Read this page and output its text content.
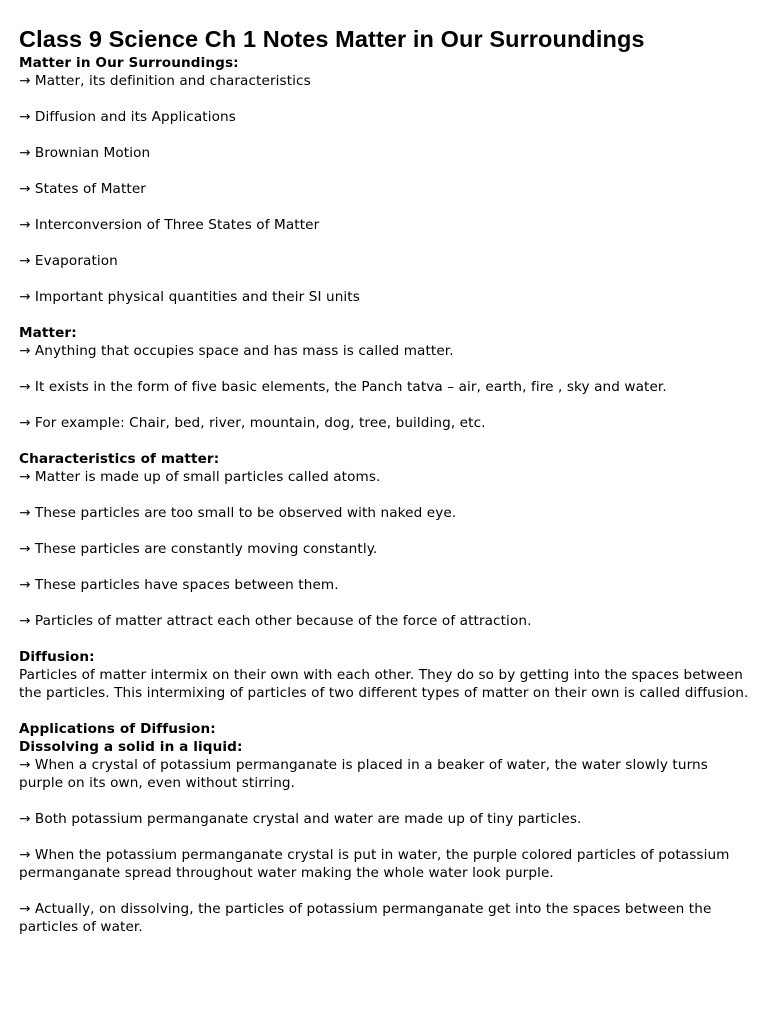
Class 9 Science Ch 1 Notes Matter in Our Surroundings

Matter in Our Surroundings:

→ Matter, its definition and characteristics

→ Diffusion and its Applications

→ Brownian Motion

→ States of Matter

→ Interconversion of Three States of Matter

→ Evaporation

→ Important physical quantities and their SI units

Matter:

→ Anything that occupies space and has mass is called matter.

→ It exists in the form of five basic elements, the Panch tatva – air, earth, fire , sky and water.

→ For example: Chair, bed, river, mountain, dog, tree, building, etc.

Characteristics of matter:

→ Matter is made up of small particles called atoms.

→ These particles are too small to be observed with naked eye.

→ These particles are constantly moving constantly.

→ These particles have spaces between them.

→ Particles of matter attract each other because of the force of attraction.

Diffusion:

Particles of matter intermix on their own with each other. They do so by getting into the spaces between the particles. This intermixing of particles of two different types of matter on their own is called diffusion.

Applications of Diffusion:

Dissolving a solid in a liquid:

→ When a crystal of potassium permanganate is placed in a beaker of water, the water slowly turns purple on its own, even without stirring.

→ Both potassium permanganate crystal and water are made up of tiny particles.

→ When the potassium permanganate crystal is put in water, the purple colored particles of potassium permanganate spread throughout water making the whole water look purple.

→ Actually, on dissolving, the particles of potassium permanganate get into the spaces between the particles of water.
